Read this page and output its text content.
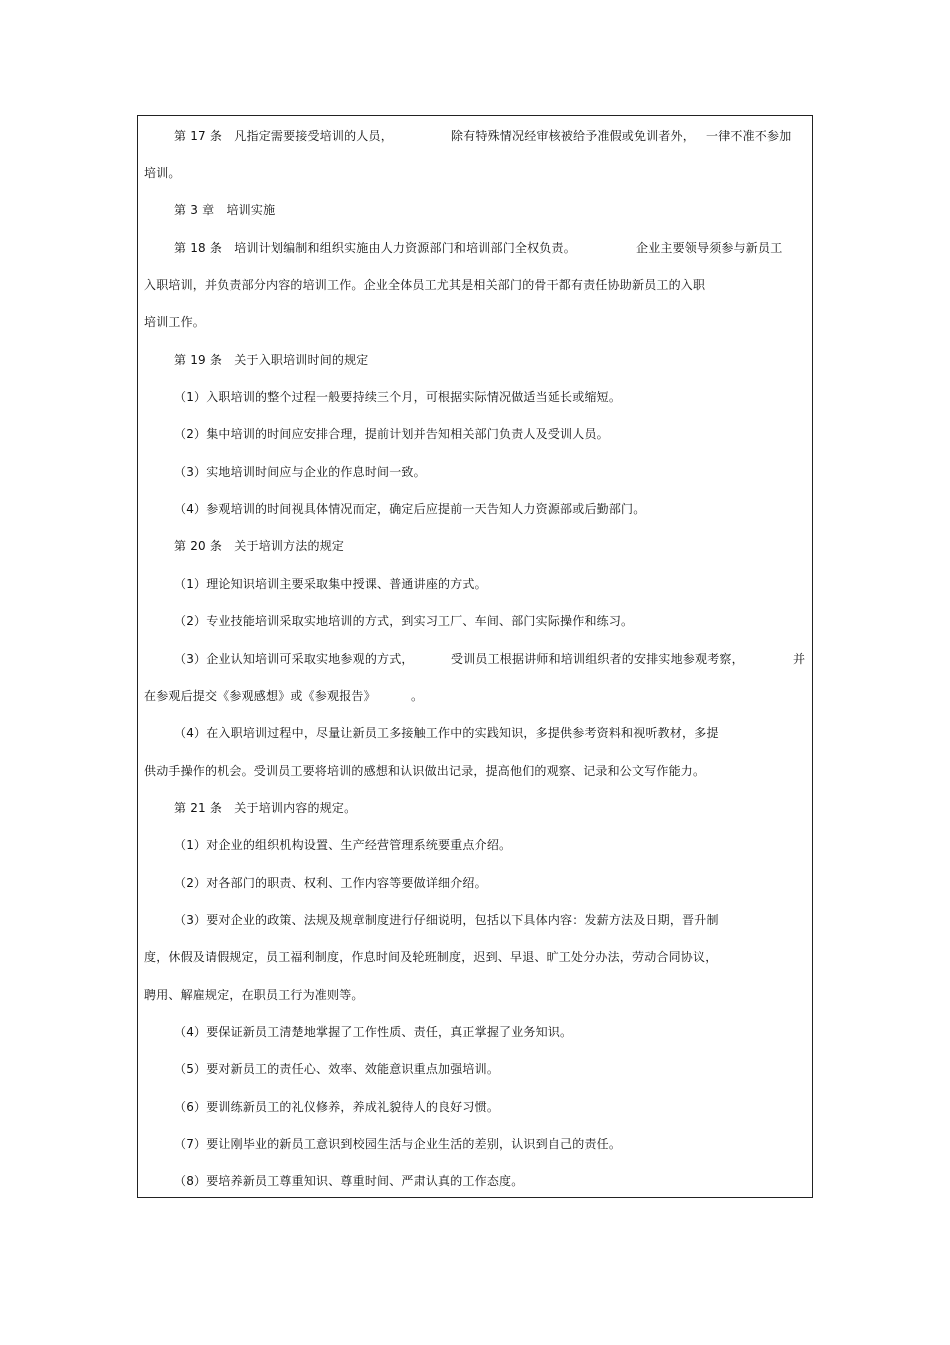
第 17 条　凡指定需要接受培训的人员，	除有特殊情况经审核被给予准假或免训者外， 一律不准不参加
培训。
第 3 章　培训实施
第 18 条　培训计划编制和组织实施由人力资源部门和培训部门全权负责。	企业主要领导须参与新员工
入职培训，并负责部分内容的培训工作。企业全体员工尤其是相关部门的骨干都有责任协助新员工的入职
培训工作。
第 19 条　关于入职培训时间的规定
（1）入职培训的整个过程一般要持续三个月，可根据实际情况做适当延长或缩短。
（2）集中培训的时间应安排合理，提前计划并告知相关部门负责人及受训人员。
（3）实地培训时间应与企业的作息时间一致。
（4）参观培训的时间视具体情况而定，确定后应提前一天告知人力资源部或后勤部门。
第 20 条　关于培训方法的规定
（1）理论知识培训主要采取集中授课、普通讲座的方式。
（2）专业技能培训采取实地培训的方式，到实习工厂、车间、部门实际操作和练习。
（3）企业认知培训可采取实地参观的方式，	受训员工根据讲师和培训组织者的安排实地参观考察，	并
在参观后提交《参观感想》或《参观报告》	。
（4）在入职培训过程中，尽量让新员工多接触工作中的实践知识，多提供参考资料和视听教材，多提
供动手操作的机会。受训员工要将培训的感想和认识做出记录，提高他们的观察、记录和公文写作能力。
第 21 条　关于培训内容的规定。
（1）对企业的组织机构设置、生产经营管理系统要重点介绍。
（2）对各部门的职责、权利、工作内容等要做详细介绍。
（3）要对企业的政策、法规及规章制度进行仔细说明，包括以下具体内容：发薪方法及日期，晋升制
度，休假及请假规定，员工福利制度，作息时间及轮班制度，迟到、早退、旷工处分办法，劳动合同协议，
聘用、解雇规定，在职员工行为准则等。
（4）要保证新员工清楚地掌握了工作性质、责任，真正掌握了业务知识。
（5）要对新员工的责任心、效率、效能意识重点加强培训。
（6）要训练新员工的礼仪修养，养成礼貌待人的良好习惯。
（7）要让刚毕业的新员工意识到校园生活与企业生活的差别，认识到自己的责任。
（8）要培养新员工尊重知识、尊重时间、严肃认真的工作态度。
